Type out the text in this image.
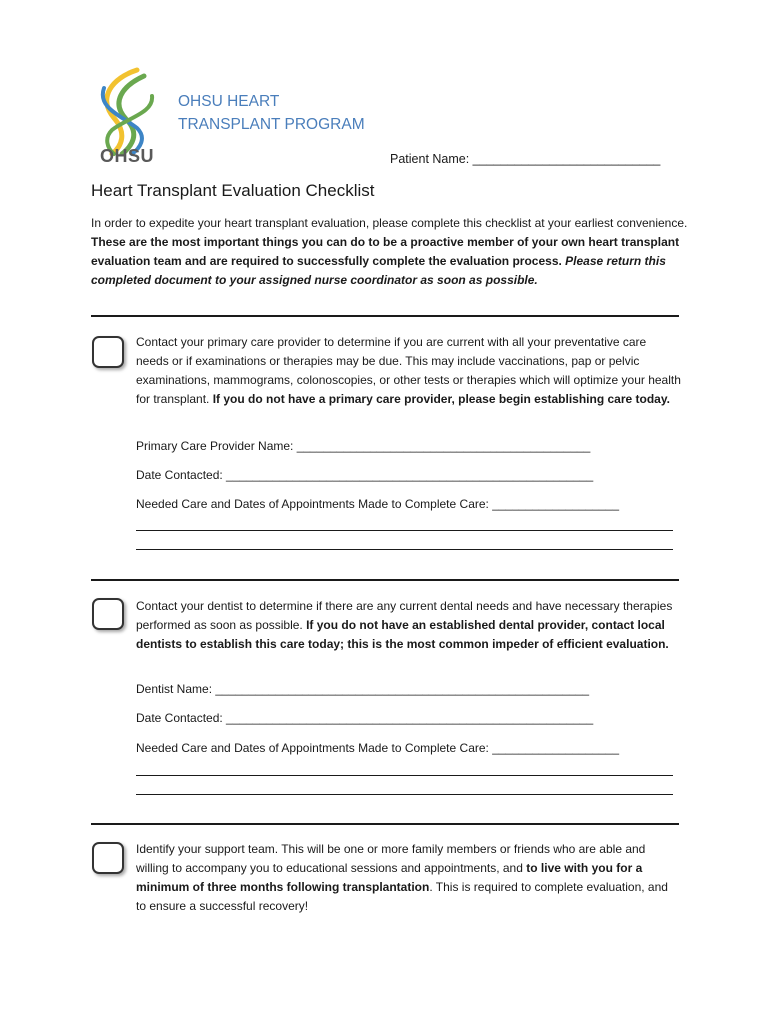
OHSU
OHSU HEART
TRANSPLANT PROGRAM
Patient Name: ___________________________
Heart Transplant Evaluation Checklist
In order to expedite your heart transplant evaluation, please complete this checklist at your earliest convenience. These are the most important things you can do to be a proactive member of your own heart transplant evaluation team and are required to successfully complete the evaluation process. Please return this completed document to your assigned nurse coordinator as soon as possible.
Contact your primary care provider to determine if you are current with all your preventative care needs or if examinations or therapies may be due. This may include vaccinations, pap or pelvic examinations, mammograms, colonoscopies, or other tests or therapies which will optimize your health for transplant. If you do not have a primary care provider, please begin establishing care today.
Primary Care Provider Name: ____________________________________________
Date Contacted: _______________________________________________________
Needed Care and Dates of Appointments Made to Complete Care: ___________________
Contact your dentist to determine if there are any current dental needs and have necessary therapies performed as soon as possible. If you do not have an established dental provider, contact local dentists to establish this care today; this is the most common impeder of efficient evaluation.
Dentist Name: ________________________________________________________
Date Contacted: _______________________________________________________
Needed Care and Dates of Appointments Made to Complete Care: ___________________
Identify your support team. This will be one or more family members or friends who are able and willing to accompany you to educational sessions and appointments, and to live with you for a minimum of three months following transplantation. This is required to complete evaluation, and to ensure a successful recovery!
